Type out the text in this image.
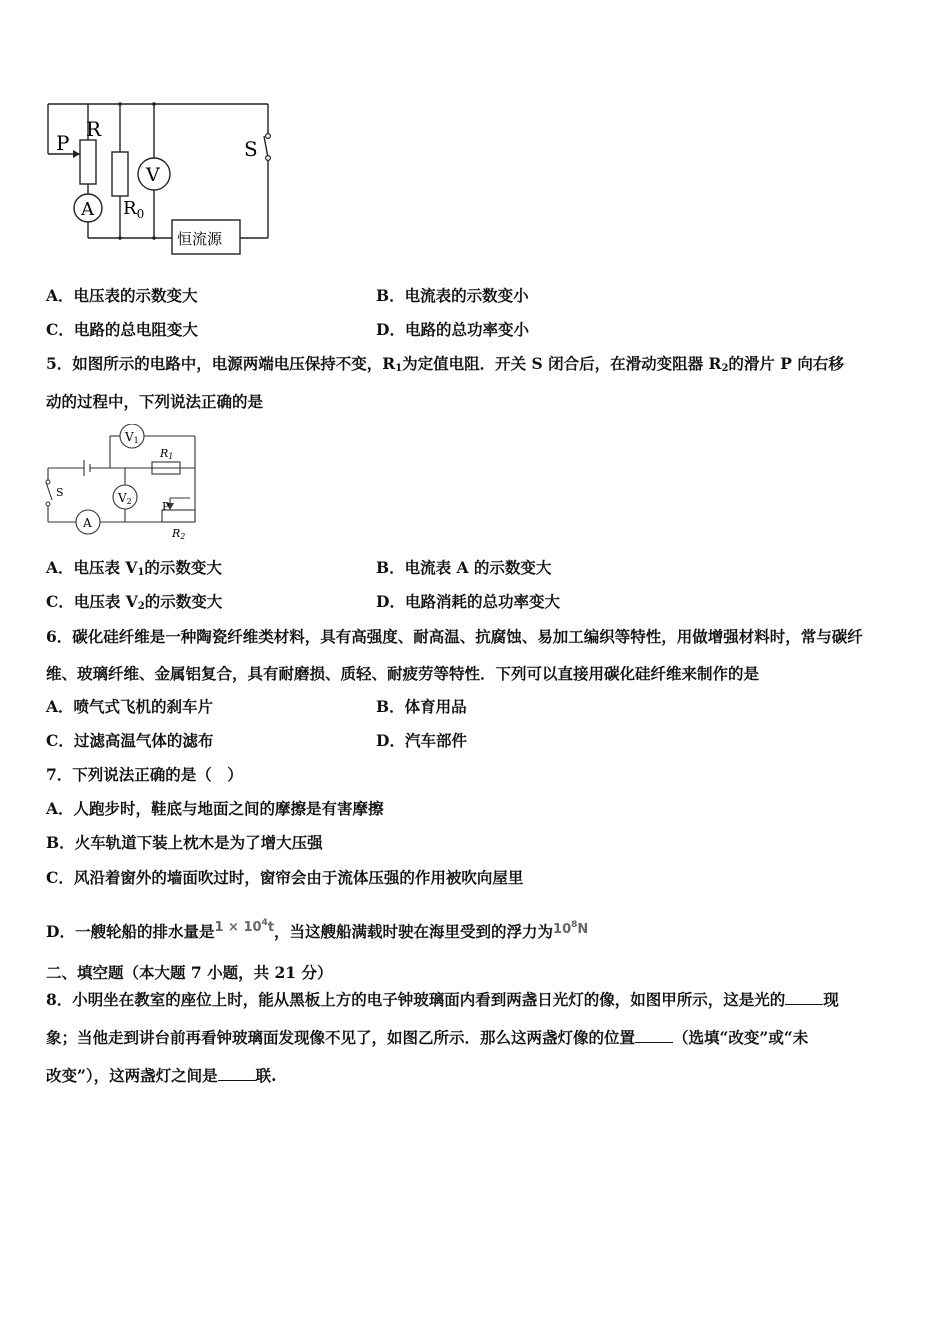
P
R
A
V
$R_0$
S
恒流源
A．电压表的示数变大	B．电流表的示数变小
C．电路的总电阻变大	D．电路的总功率变小
5．如图所示的电路中，电源两端电压保持不变，R1为定值电阻．开关 S 闭合后，在滑动变阻器 R2的滑片 P 向右移
动的过程中，下列说法正确的是
V1
R1
S	V2	P
A
R2
A．电压表 V1的示数变大	B．电流表 A 的示数变大
C．电压表 V2的示数变大	D．电路消耗的总功率变大
6．碳化硅纤维是一种陶瓷纤维类材料，具有高强度、耐高温、抗腐蚀、易加工编织等特性，用做增强材料时，常与碳纤
维、玻璃纤维、金属铝复合，具有耐磨损、质轻、耐疲劳等特性．下列可以直接用碳化硅纤维来制作的是
A．喷气式飞机的刹车片	B．体育用品
C．过滤高温气体的滤布	D．汽车部件
7．下列说法正确的是（　）
A．人跑步时，鞋底与地面之间的摩擦是有害摩擦
B．火车轨道下装上枕木是为了增大压强
C．风沿着窗外的墙面吹过时，窗帘会由于流体压强的作用被吹向屋里
D．一艘轮船的排水量是$^{1 \times 10^4t}$，当这艘船满载时驶在海里受到的浮力为$^{10^8N}$
二、填空题（本大题 7 小题，共 21 分）
8．小明坐在教室的座位上时，能从黑板上方的电子钟玻璃面内看到两盏日光灯的像，如图甲所示，这是光的 现
象；当他走到讲台前再看钟玻璃面发现像不见了，如图乙所示．那么这两盏灯像的位置 （选填“改变”或“未
改变”），这两盏灯之间是 联.
